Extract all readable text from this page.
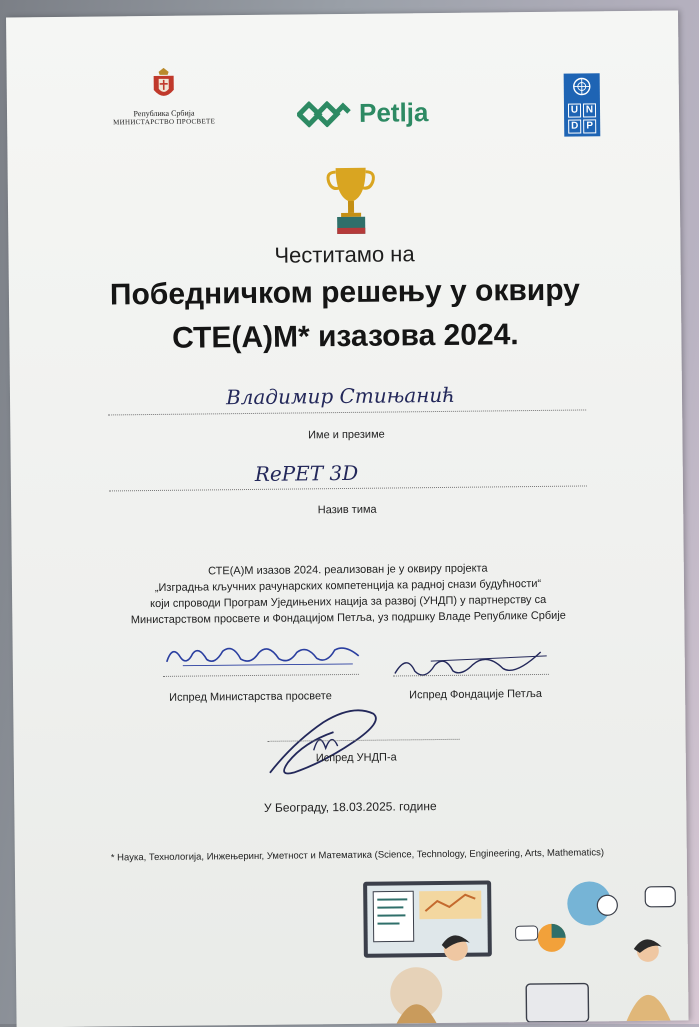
Република Србија
МИНИСТАРСТВО ПРОСВЕТЕ	Petlja	U N
D P
Честитамо на
Победничком решењу у оквиру
СТЕ(А)М* изазова 2024.
Владимир Стињанић
Име и презиме
RePET 3D
Назив тима
СТЕ(А)М изазов 2024. реализован је у оквиру пројекта
„Изградња кључних рачунарских компетенција ка радној снази будућности“
који спроводи Програм Уједињених нација за развој (УНДП) у партнерству са
Министарством просвете и Фондацијом Петља, уз подршку Владе Републике Србије
Испред Министарства просвете	Испред Фондације Петља
Испред УНДП-а
У Београду, 18.03.2025. године
* Наука, Технологија, Инжењеринг, Уметност и Математика (Science, Technology, Engineering, Arts, Mathematics)
